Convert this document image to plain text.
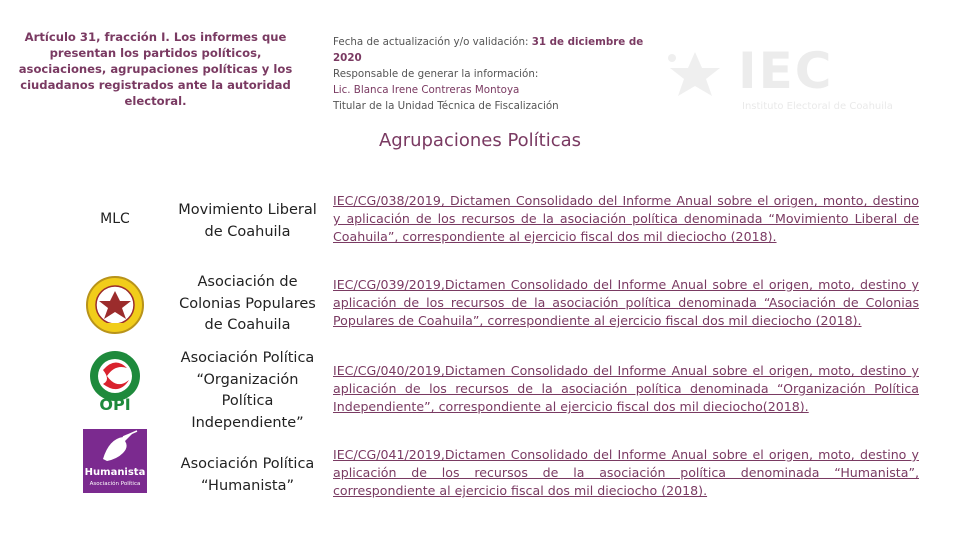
Artículo 31, fracción I. Los informes que presentan los partidos políticos, asociaciones, agrupaciones políticas y los ciudadanos registrados ante la autoridad electoral.
Fecha de actualización y/o validación: 31 de diciembre de 2020
Responsable de generar la información:
Lic. Blanca Irene Contreras Montoya
Titular de la Unidad Técnica de Fiscalización
IEC
Instituto Electoral de Coahuila
Agrupaciones Políticas
MLC
Movimiento Liberal de Coahuila
IEC/CG/038/2019, Dictamen Consolidado del Informe Anual sobre el origen, monto, destino y aplicación de los recursos de la asociación política denominada “Movimiento Liberal de Coahuila”, correspondiente al ejercicio fiscal dos mil dieciocho (2018).
Asociación de Colonias Populares de Coahuila
IEC/CG/039/2019,Dictamen Consolidado del Informe Anual sobre el origen, moto, destino y aplicación de los recursos de la asociación política denominada “Asociación de Colonias Populares de Coahuila”, correspondiente al ejercicio fiscal dos mil dieciocho (2018).
OPI
Asociación Política “Organización Política Independiente”
IEC/CG/040/2019,Dictamen Consolidado del Informe Anual sobre el origen, moto, destino y aplicación de los recursos de la asociación política denominada “Organización Política Independiente”, correspondiente al ejercicio fiscal dos mil dieciocho(2018).
Humanista
Asociación Política
Asociación Política “Humanista”
IEC/CG/041/2019,Dictamen Consolidado del Informe Anual sobre el origen, moto, destino y aplicación de los recursos de la asociación política denominada “Humanista”, correspondiente al ejercicio fiscal dos mil dieciocho (2018).
